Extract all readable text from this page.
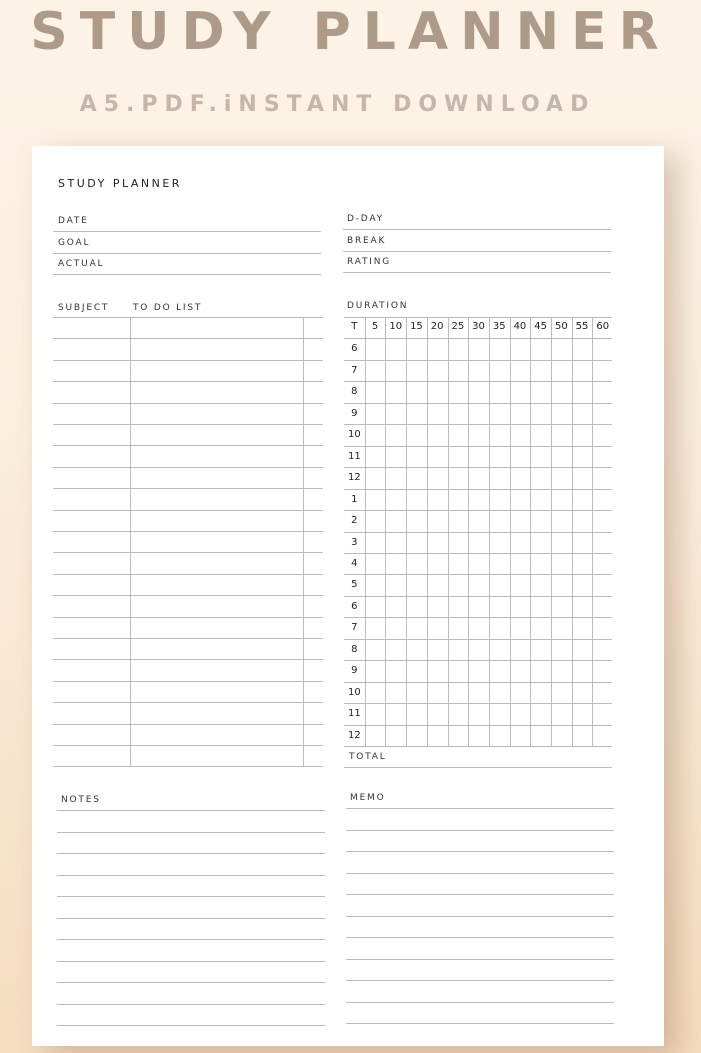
STUDY PLANNER
A5.PDF.iNSTANT DOWNLOAD
STUDY PLANNER
SUBJECT	TO DO LIST	DURATION
NOTES	MEMO
DATE
GOAL
ACTUAL
D-DAY
BREAK
RATING
T	5	10 15 20 25 30 35 40 45 50 55 60
6
7
8
9
10
11
12
1
2
3
4
5
6
7
8
9
10
11
12
TOTAL
